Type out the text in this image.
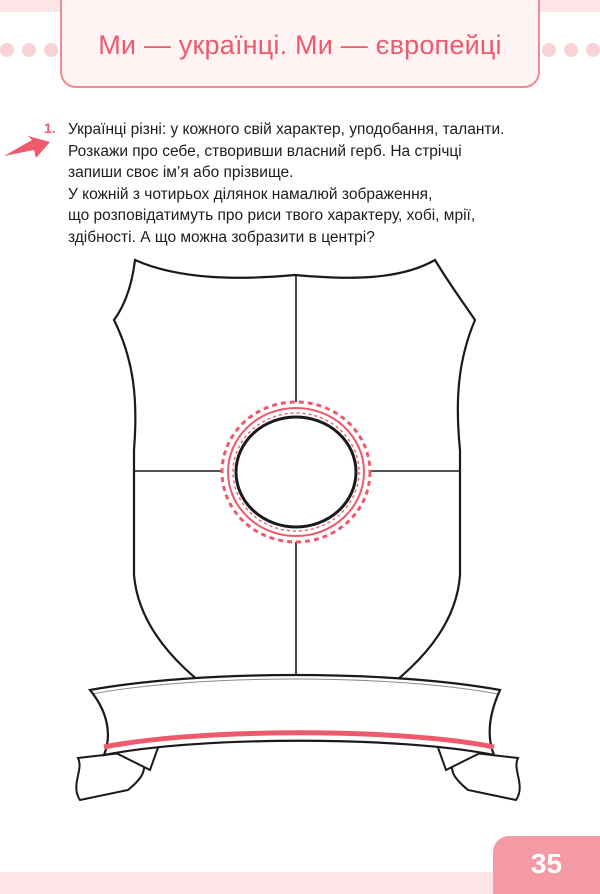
Ми — українці. Ми — європейці
1. Українці різні: у кожного свій характер, уподобання, таланти.

Розкажи про себе, створивши власний герб. На стрічці

запиши своє ім’я або прізвище.

У кожній з чотирьох ділянок намалюй зображення,

що розповідатимуть про риси твого характеру, хобі, мрії,

здібності. А що можна зобразити в центрі?

35
